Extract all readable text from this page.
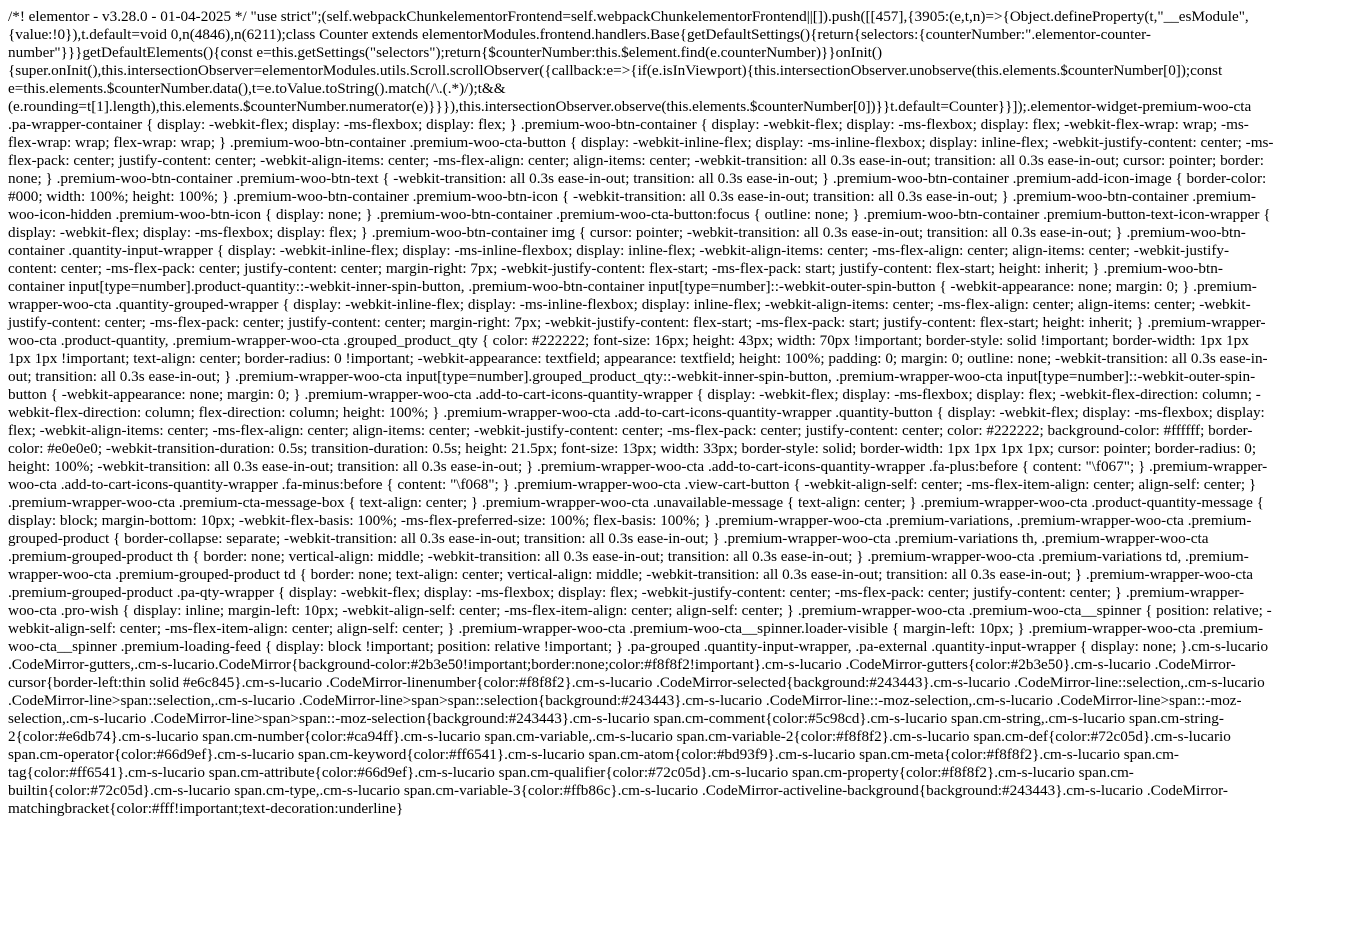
/*! elementor - v3.28.0 - 01-04-2025 */ "use strict";(self.webpackChunkelementorFrontend=self.webpackChunkelementorFrontend||[]).push([[457],{3905:(e,t,n)=>{Object.defineProperty(t,"__esModule",
{value:!0}),t.default=void 0,n(4846),n(6211);class Counter extends elementorModules.frontend.handlers.Base{getDefaultSettings(){return{selectors:{counterNumber:".elementor-counter-
number"}}}getDefaultElements(){const e=this.getSettings("selectors");return{$counterNumber:this.$element.find(e.counterNumber)}}onInit()
{super.onInit(),this.intersectionObserver=elementorModules.utils.Scroll.scrollObserver({callback:e=>{if(e.isInViewport){this.intersectionObserver.unobserve(this.elements.$counterNumber[0]);const
e=this.elements.$counterNumber.data(),t=e.toValue.toString().match(/\.(.*)/);t&&
(e.rounding=t[1].length),this.elements.$counterNumber.numerator(e)}}}),this.intersectionObserver.observe(this.elements.$counterNumber[0])}}t.default=Counter}}]);.elementor-widget-premium-woo-cta
.pa-wrapper-container { display: -webkit-flex; display: -ms-flexbox; display: flex; } .premium-woo-btn-container { display: -webkit-flex; display: -ms-flexbox; display: flex; -webkit-flex-wrap: wrap; -ms-
flex-wrap: wrap; flex-wrap: wrap; } .premium-woo-btn-container .premium-woo-cta-button { display: -webkit-inline-flex; display: -ms-inline-flexbox; display: inline-flex; -webkit-justify-content: center; -ms-
flex-pack: center; justify-content: center; -webkit-align-items: center; -ms-flex-align: center; align-items: center; -webkit-transition: all 0.3s ease-in-out; transition: all 0.3s ease-in-out; cursor: pointer; border:
none; } .premium-woo-btn-container .premium-woo-btn-text { -webkit-transition: all 0.3s ease-in-out; transition: all 0.3s ease-in-out; } .premium-woo-btn-container .premium-add-icon-image { border-color:
#000; width: 100%; height: 100%; } .premium-woo-btn-container .premium-woo-btn-icon { -webkit-transition: all 0.3s ease-in-out; transition: all 0.3s ease-in-out; } .premium-woo-btn-container .premium-
woo-icon-hidden .premium-woo-btn-icon { display: none; } .premium-woo-btn-container .premium-woo-cta-button:focus { outline: none; } .premium-woo-btn-container .premium-button-text-icon-wrapper {
display: -webkit-flex; display: -ms-flexbox; display: flex; } .premium-woo-btn-container img { cursor: pointer; -webkit-transition: all 0.3s ease-in-out; transition: all 0.3s ease-in-out; } .premium-woo-btn-
container .quantity-input-wrapper { display: -webkit-inline-flex; display: -ms-inline-flexbox; display: inline-flex; -webkit-align-items: center; -ms-flex-align: center; align-items: center; -webkit-justify-
content: center; -ms-flex-pack: center; justify-content: center; margin-right: 7px; -webkit-justify-content: flex-start; -ms-flex-pack: start; justify-content: flex-start; height: inherit; } .premium-woo-btn-
container input[type=number].product-quantity::-webkit-inner-spin-button, .premium-woo-btn-container input[type=number]::-webkit-outer-spin-button { -webkit-appearance: none; margin: 0; } .premium-
wrapper-woo-cta .quantity-grouped-wrapper { display: -webkit-inline-flex; display: -ms-inline-flexbox; display: inline-flex; -webkit-align-items: center; -ms-flex-align: center; align-items: center; -webkit-
justify-content: center; -ms-flex-pack: center; justify-content: center; margin-right: 7px; -webkit-justify-content: flex-start; -ms-flex-pack: start; justify-content: flex-start; height: inherit; } .premium-wrapper-
woo-cta .product-quantity, .premium-wrapper-woo-cta .grouped_product_qty { color: #222222; font-size: 16px; height: 43px; width: 70px !important; border-style: solid !important; border-width: 1px 1px
1px 1px !important; text-align: center; border-radius: 0 !important; -webkit-appearance: textfield; appearance: textfield; height: 100%; padding: 0; margin: 0; outline: none; -webkit-transition: all 0.3s ease-in-
out; transition: all 0.3s ease-in-out; } .premium-wrapper-woo-cta input[type=number].grouped_product_qty::-webkit-inner-spin-button, .premium-wrapper-woo-cta input[type=number]::-webkit-outer-spin-
button { -webkit-appearance: none; margin: 0; } .premium-wrapper-woo-cta .add-to-cart-icons-quantity-wrapper { display: -webkit-flex; display: -ms-flexbox; display: flex; -webkit-flex-direction: column; -
webkit-flex-direction: column; flex-direction: column; height: 100%; } .premium-wrapper-woo-cta .add-to-cart-icons-quantity-wrapper .quantity-button { display: -webkit-flex; display: -ms-flexbox; display:
flex; -webkit-align-items: center; -ms-flex-align: center; align-items: center; -webkit-justify-content: center; -ms-flex-pack: center; justify-content: center; color: #222222; background-color: #ffffff; border-
color: #e0e0e0; -webkit-transition-duration: 0.5s; transition-duration: 0.5s; height: 21.5px; font-size: 13px; width: 33px; border-style: solid; border-width: 1px 1px 1px 1px; cursor: pointer; border-radius: 0;
height: 100%; -webkit-transition: all 0.3s ease-in-out; transition: all 0.3s ease-in-out; } .premium-wrapper-woo-cta .add-to-cart-icons-quantity-wrapper .fa-plus:before { content: "\f067"; } .premium-wrapper-
woo-cta .add-to-cart-icons-quantity-wrapper .fa-minus:before { content: "\f068"; } .premium-wrapper-woo-cta .view-cart-button { -webkit-align-self: center; -ms-flex-item-align: center; align-self: center; }
.premium-wrapper-woo-cta .premium-cta-message-box { text-align: center; } .premium-wrapper-woo-cta .unavailable-message { text-align: center; } .premium-wrapper-woo-cta .product-quantity-message {
display: block; margin-bottom: 10px; -webkit-flex-basis: 100%; -ms-flex-preferred-size: 100%; flex-basis: 100%; } .premium-wrapper-woo-cta .premium-variations, .premium-wrapper-woo-cta .premium-
grouped-product { border-collapse: separate; -webkit-transition: all 0.3s ease-in-out; transition: all 0.3s ease-in-out; } .premium-wrapper-woo-cta .premium-variations th, .premium-wrapper-woo-cta
.premium-grouped-product th { border: none; vertical-align: middle; -webkit-transition: all 0.3s ease-in-out; transition: all 0.3s ease-in-out; } .premium-wrapper-woo-cta .premium-variations td, .premium-
wrapper-woo-cta .premium-grouped-product td { border: none; text-align: center; vertical-align: middle; -webkit-transition: all 0.3s ease-in-out; transition: all 0.3s ease-in-out; } .premium-wrapper-woo-cta
.premium-grouped-product .pa-qty-wrapper { display: -webkit-flex; display: -ms-flexbox; display: flex; -webkit-justify-content: center; -ms-flex-pack: center; justify-content: center; } .premium-wrapper-
woo-cta .pro-wish { display: inline; margin-left: 10px; -webkit-align-self: center; -ms-flex-item-align: center; align-self: center; } .premium-wrapper-woo-cta .premium-woo-cta__spinner { position: relative; -
webkit-align-self: center; -ms-flex-item-align: center; align-self: center; } .premium-wrapper-woo-cta .premium-woo-cta__spinner.loader-visible { margin-left: 10px; } .premium-wrapper-woo-cta .premium-
woo-cta__spinner .premium-loading-feed { display: block !important; position: relative !important; } .pa-grouped .quantity-input-wrapper, .pa-external .quantity-input-wrapper { display: none; }.cm-s-lucario
.CodeMirror-gutters,.cm-s-lucario.CodeMirror{background-color:#2b3e50!important;border:none;color:#f8f8f2!important}.cm-s-lucario .CodeMirror-gutters{color:#2b3e50}.cm-s-lucario .CodeMirror-
cursor{border-left:thin solid #e6c845}.cm-s-lucario .CodeMirror-linenumber{color:#f8f8f2}.cm-s-lucario .CodeMirror-selected{background:#243443}.cm-s-lucario .CodeMirror-line::selection,.cm-s-lucario
.CodeMirror-line>span::selection,.cm-s-lucario .CodeMirror-line>span>span::selection{background:#243443}.cm-s-lucario .CodeMirror-line::-moz-selection,.cm-s-lucario .CodeMirror-line>span::-moz-
selection,.cm-s-lucario .CodeMirror-line>span>span::-moz-selection{background:#243443}.cm-s-lucario span.cm-comment{color:#5c98cd}.cm-s-lucario span.cm-string,.cm-s-lucario span.cm-string-
2{color:#e6db74}.cm-s-lucario span.cm-number{color:#ca94ff}.cm-s-lucario span.cm-variable,.cm-s-lucario span.cm-variable-2{color:#f8f8f2}.cm-s-lucario span.cm-def{color:#72c05d}.cm-s-lucario
span.cm-operator{color:#66d9ef}.cm-s-lucario span.cm-keyword{color:#ff6541}.cm-s-lucario span.cm-atom{color:#bd93f9}.cm-s-lucario span.cm-meta{color:#f8f8f2}.cm-s-lucario span.cm-
tag{color:#ff6541}.cm-s-lucario span.cm-attribute{color:#66d9ef}.cm-s-lucario span.cm-qualifier{color:#72c05d}.cm-s-lucario span.cm-property{color:#f8f8f2}.cm-s-lucario span.cm-
builtin{color:#72c05d}.cm-s-lucario span.cm-type,.cm-s-lucario span.cm-variable-3{color:#ffb86c}.cm-s-lucario .CodeMirror-activeline-background{background:#243443}.cm-s-lucario .CodeMirror-
matchingbracket{color:#fff!important;text-decoration:underline}
